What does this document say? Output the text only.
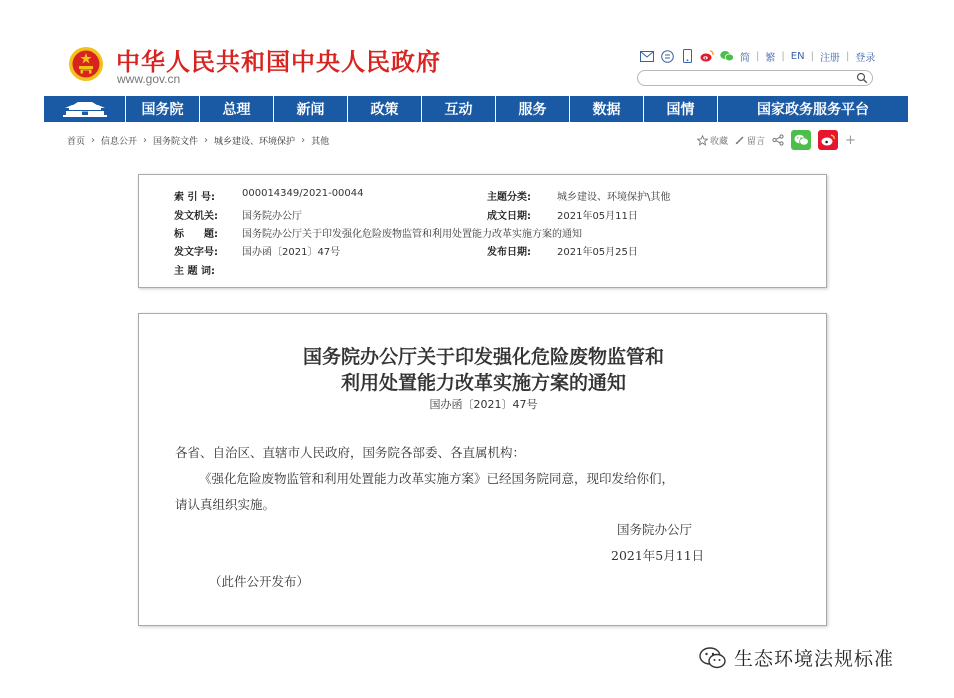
中华人民共和国中央人民政府
www.gov.cn
简 | 繁 | EN | 注册 | 登录
国务院	总理	新闻	政策	互动	服务	数据	国情	国家政务服务平台
首页 › 信息公开 › 国务院文件 › 城乡建设、环境保护 › 其他	收藏 留言	+
索 引 号:	000014349/2021-00044	主题分类:	城乡建设、环境保护\其他
发文机关:	国务院办公厅	成文日期:	2021年05月11日
标　　题:	国务院办公厅关于印发强化危险废物监管和利用处置能力改革实施方案的通知
发文字号:	国办函〔2021〕47号	发布日期:	2021年05月25日
主 题 词:
国务院办公厅关于印发强化危险废物监管和
利用处置能力改革实施方案的通知
国办函〔2021〕47号
各省、自治区、直辖市人民政府，国务院各部委、各直属机构：
《强化危险废物监管和利用处置能力改革实施方案》已经国务院同意，现印发给你们，
请认真组织实施。
国务院办公厅
2021年5月11日
（此件公开发布）
生态环境法规标准
